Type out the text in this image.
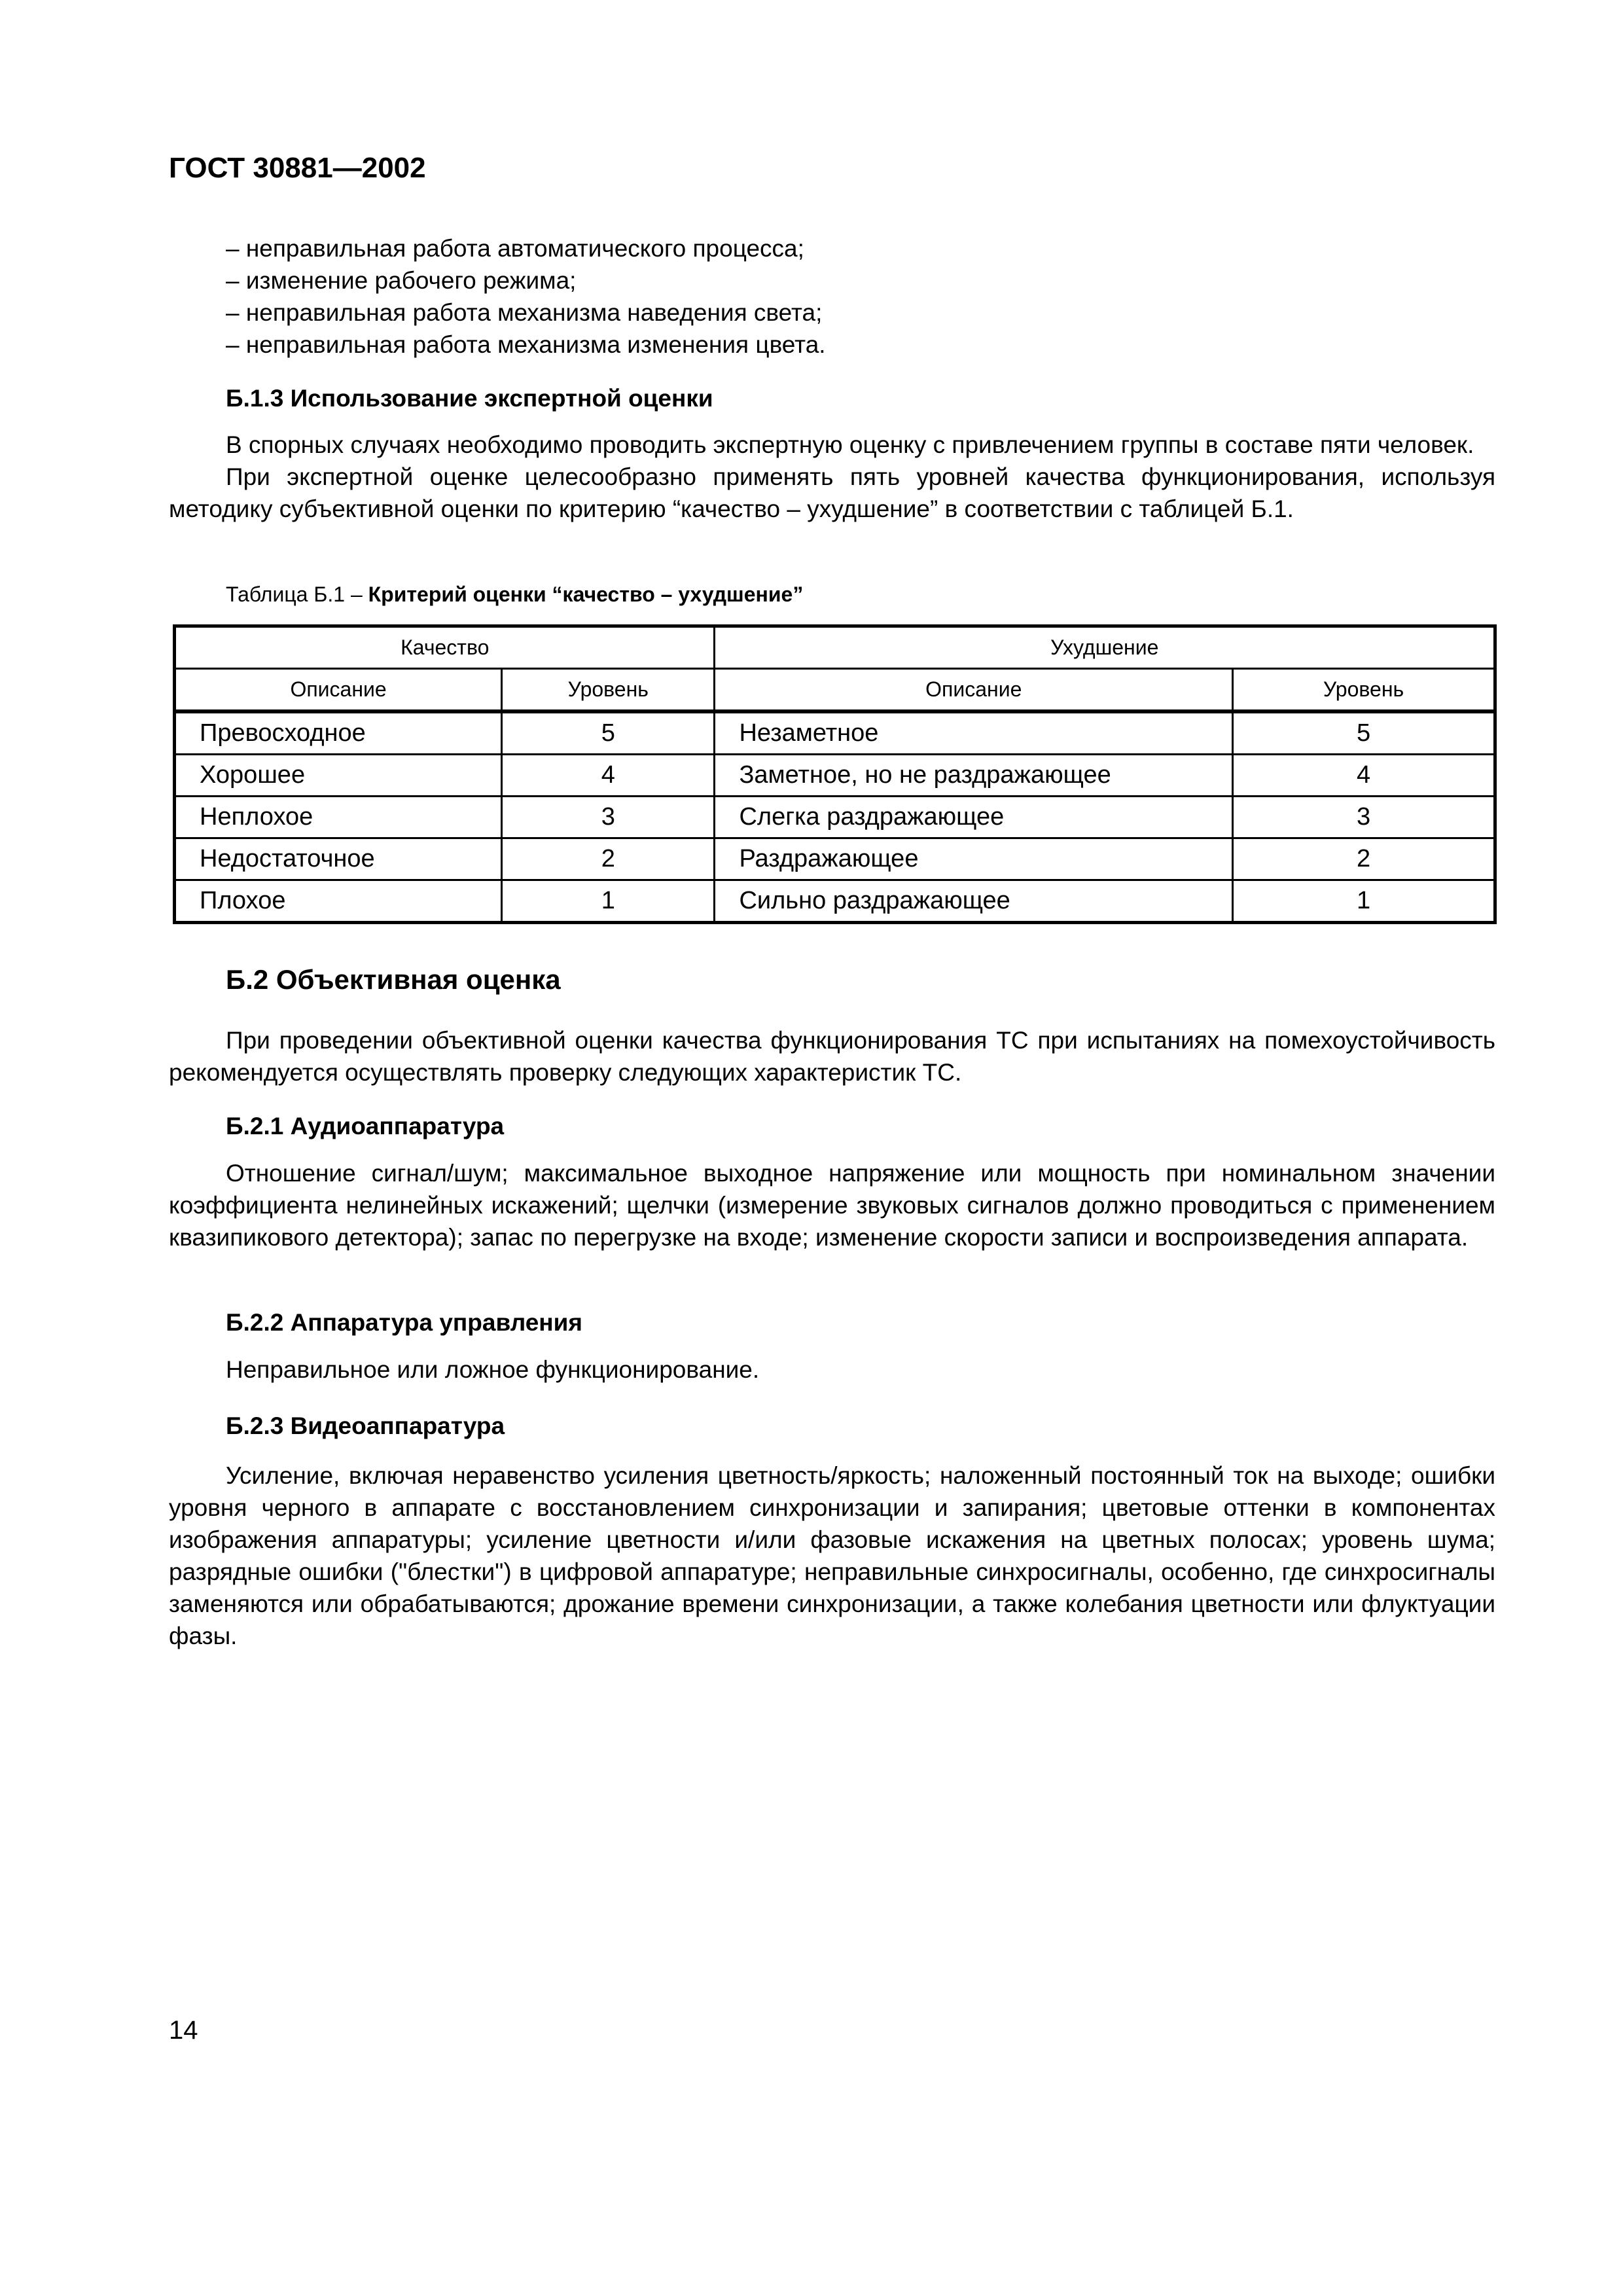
ГОСТ 30881—2002

– неправильная работа автоматического процесса;

– изменение рабочего режима;

– неправильная работа механизма наведения света;

– неправильная работа механизма изменения цвета.

Б.1.3 Использование экспертной оценки

В спорных случаях необходимо проводить экспертную оценку с привлечением группы в составе пяти человек.

При экспертной оценке целесообразно применять пять уровней качества функционирования, используя методику субъективной оценки по критерию “качество – ухудшение” в соответствии с таблицей Б.1.

Таблица Б.1 – Критерий оценки “качество – ухудшение”
Качество		Ухудшение	
Описание	Уровень	Описание	Уровень
Превосходное	5	Незаметное	5
Хорошее	4	Заметное, но не раздражающее	4
Неплохое	3	Слегка раздражающее	3
Недостаточное	2	Раздражающее	2
Плохое	1	Сильно раздражающее	1
Б.2 Объективная оценка

При проведении объективной оценки качества функционирования ТС при испытаниях на помехоустойчивость рекомендуется осуществлять проверку следующих характеристик ТС.

Б.2.1 Аудиоаппаратура

Отношение сигнал/шум; максимальное выходное напряжение или мощность при номинальном значении коэффициента нелинейных искажений; щелчки (измерение звуковых сигналов должно проводиться с применением квазипикового детектора); запас по перегрузке на входе; изменение скорости записи и воспроизведения аппарата.

Б.2.2 Аппаратура управления

Неправильное или ложное функционирование.

Б.2.3 Видеоаппаратура

Усиление, включая неравенство усиления цветность/яркость; наложенный постоянный ток на выходе; ошибки уровня черного в аппарате с восстановлением синхронизации и запирания; цветовые оттенки в компонентах изображения аппаратуры; усиление цветности и/или фазовые искажения на цветных полосах; уровень шума; разрядные ошибки ("блестки") в цифровой аппаратуре; неправильные синхросигналы, особенно, где синхросигналы заменяются или обрабатываются; дрожание времени синхронизации, а также колебания цветности или флуктуации фазы.

14
